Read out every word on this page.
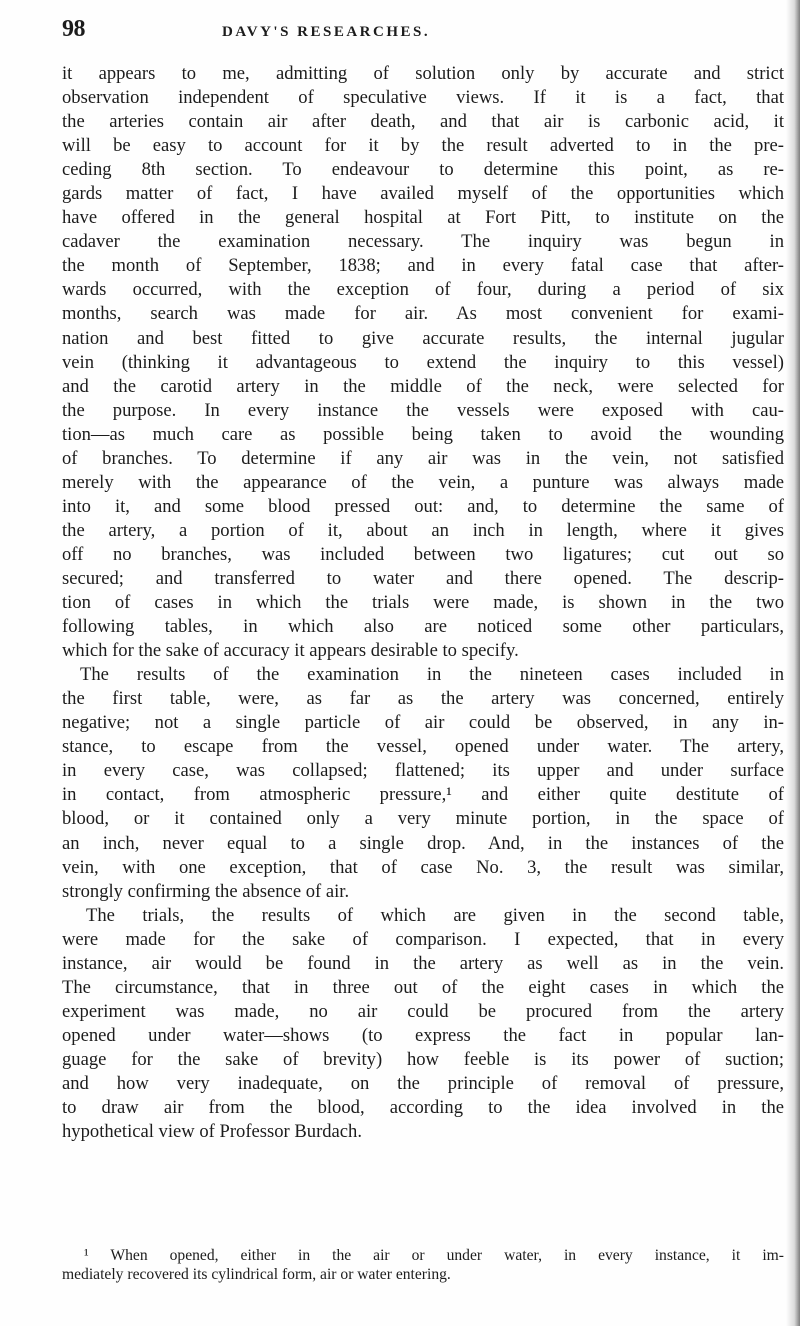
98	DAVY'S RESEARCHES.
it appears to me, admitting of solution only by accurate and strict
observation independent of speculative views. If it is a fact, that
the arteries contain air after death, and that air is carbonic acid, it
will be easy to account for it by the result adverted to in the pre-
ceding 8th section. To endeavour to determine this point, as re-
gards matter of fact, I have availed myself of the opportunities which
have offered in the general hospital at Fort Pitt, to institute on the
cadaver the examination necessary. The inquiry was begun in
the month of September, 1838; and in every fatal case that after-
wards occurred, with the exception of four, during a period of six
months, search was made for air. As most convenient for exami-
nation and best fitted to give accurate results, the internal jugular
vein (thinking it advantageous to extend the inquiry to this vessel)
and the carotid artery in the middle of the neck, were selected for
the purpose. In every instance the vessels were exposed with cau-
tion—as much care as possible being taken to avoid the wounding
of branches. To determine if any air was in the vein, not satisfied
merely with the appearance of the vein, a punture was always made
into it, and some blood pressed out: and, to determine the same of
the artery, a portion of it, about an inch in length, where it gives
off no branches, was included between two ligatures; cut out so
secured; and transferred to water and there opened. The descrip-
tion of cases in which the trials were made, is shown in the two
following tables, in which also are noticed some other particulars,
which for the sake of accuracy it appears desirable to specify.
The results of the examination in the nineteen cases included in
the first table, were, as far as the artery was concerned, entirely
negative; not a single particle of air could be observed, in any in-
stance, to escape from the vessel, opened under water. The artery,
in every case, was collapsed; flattened; its upper and under surface
in contact, from atmospheric pressure,¹ and either quite destitute of
blood, or it contained only a very minute portion, in the space of
an inch, never equal to a single drop. And, in the instances of the
vein, with one exception, that of case No. 3, the result was similar,
strongly confirming the absence of air.
The trials, the results of which are given in the second table,
were made for the sake of comparison. I expected, that in every
instance, air would be found in the artery as well as in the vein.
The circumstance, that in three out of the eight cases in which the
experiment was made, no air could be procured from the artery
opened under water—shows (to express the fact in popular lan-
guage for the sake of brevity) how feeble is its power of suction;
and how very inadequate, on the principle of removal of pressure,
to draw air from the blood, according to the idea involved in the
hypothetical view of Professor Burdach.
¹ When opened, either in the air or under water, in every instance, it im-
mediately recovered its cylindrical form, air or water entering.
